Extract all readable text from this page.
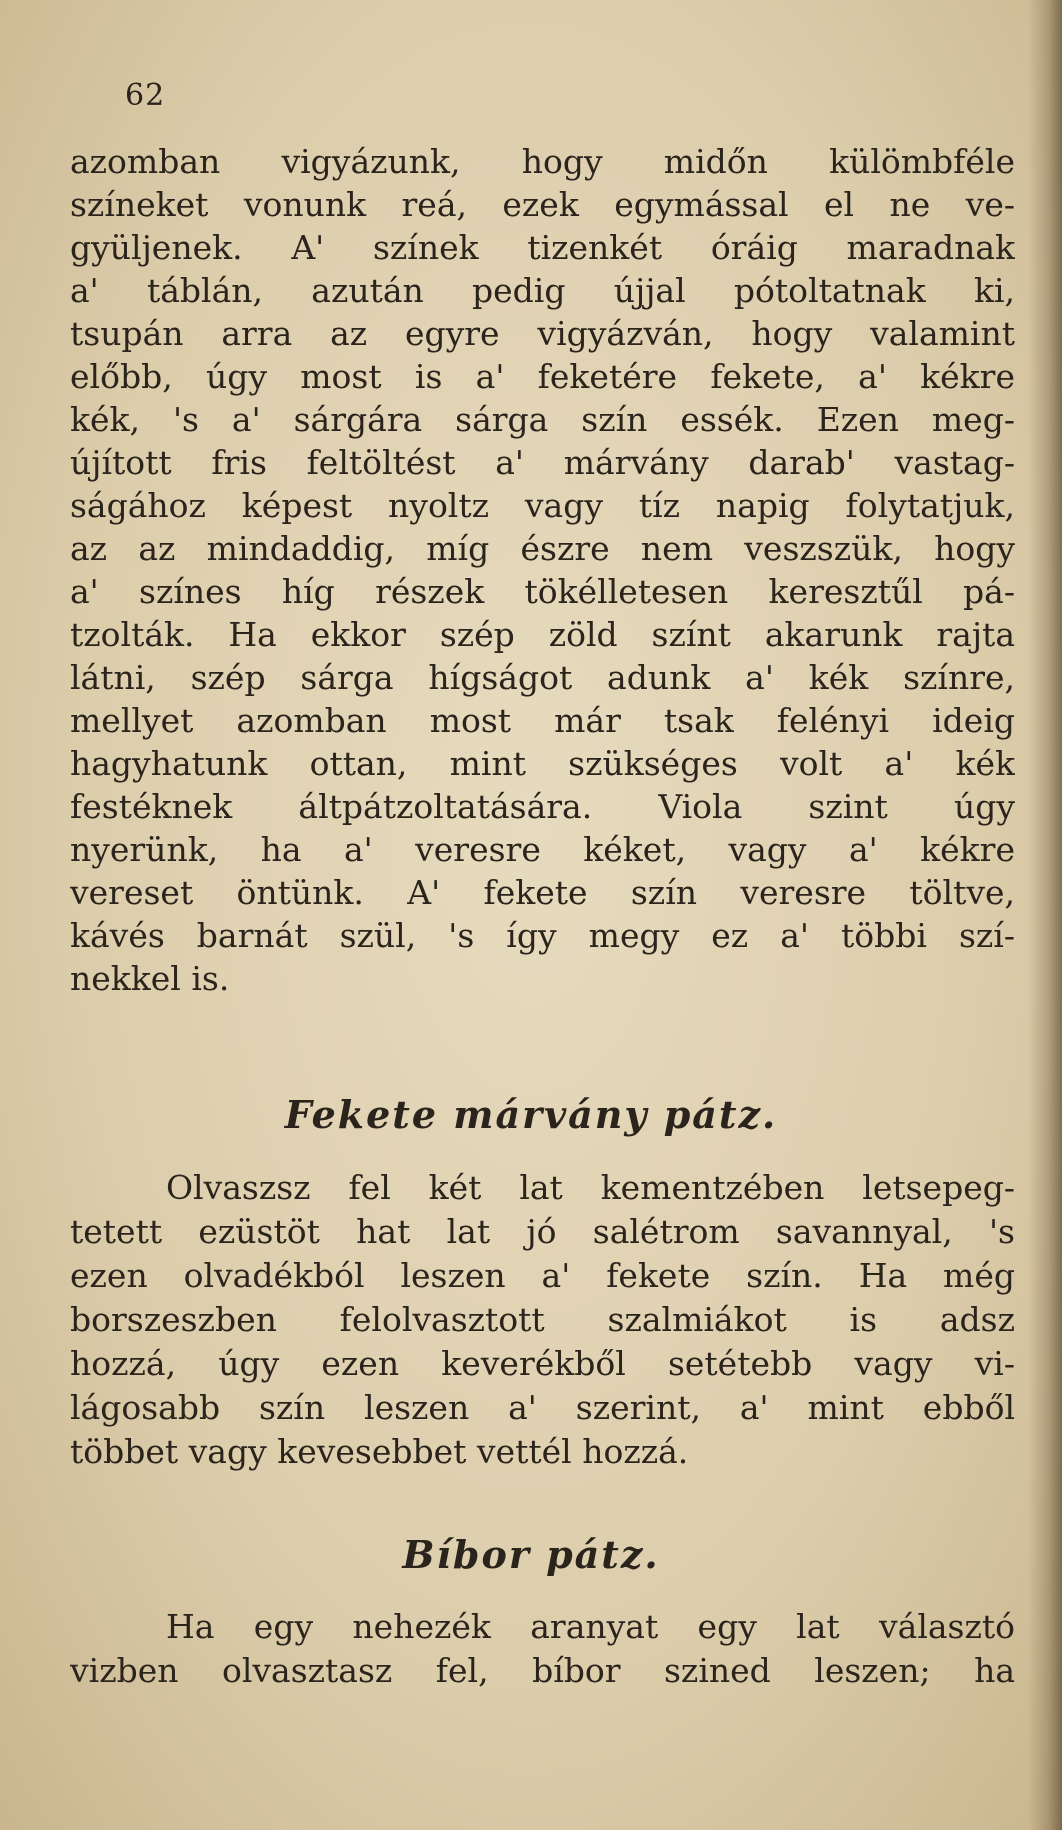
62
azomban vigyázunk, hogy midőn külömbféle
színeket vonunk reá, ezek egymással el ne ve-
gyüljenek. A' színek tizenkét óráig maradnak
a' táblán, azután pedig újjal pótoltatnak ki,
tsupán arra az egyre vigyázván, hogy valamint
előbb, úgy most is a' feketére fekete, a' kékre
kék, 's a' sárgára sárga szín essék. Ezen meg-
újított fris feltöltést a' márvány darab' vastag-
ságához képest nyoltz vagy tíz napig folytatjuk,
az az mindaddig, míg észre nem veszszük, hogy
a' színes híg részek tökélletesen keresztűl pá-
tzolták. Ha ekkor szép zöld színt akarunk rajta
látni, szép sárga hígságot adunk a' kék színre,
mellyet azomban most már tsak felényi ideig
hagyhatunk ottan, mint szükséges volt a' kék
festéknek áltpátzoltatására. Viola szint úgy
nyerünk, ha a' veresre kéket, vagy a' kékre
vereset öntünk. A' fekete szín veresre töltve,
kávés barnát szül, 's így megy ez a' többi szí-
nekkel is.
Fekete márvány pátz.
Olvaszsz fel két lat kementzében letsepeg-
tetett ezüstöt hat lat jó salétrom savannyal, 's
ezen olvadékból leszen a' fekete szín. Ha még
borszeszben felolvasztott szalmiákot is adsz
hozzá, úgy ezen keverékből setétebb vagy vi-
lágosabb szín leszen a' szerint, a' mint ebből
többet vagy kevesebbet vettél hozzá.
Bíbor pátz.
Ha egy nehezék aranyat egy lat választó
vizben olvasztasz fel, bíbor szined leszen; ha
